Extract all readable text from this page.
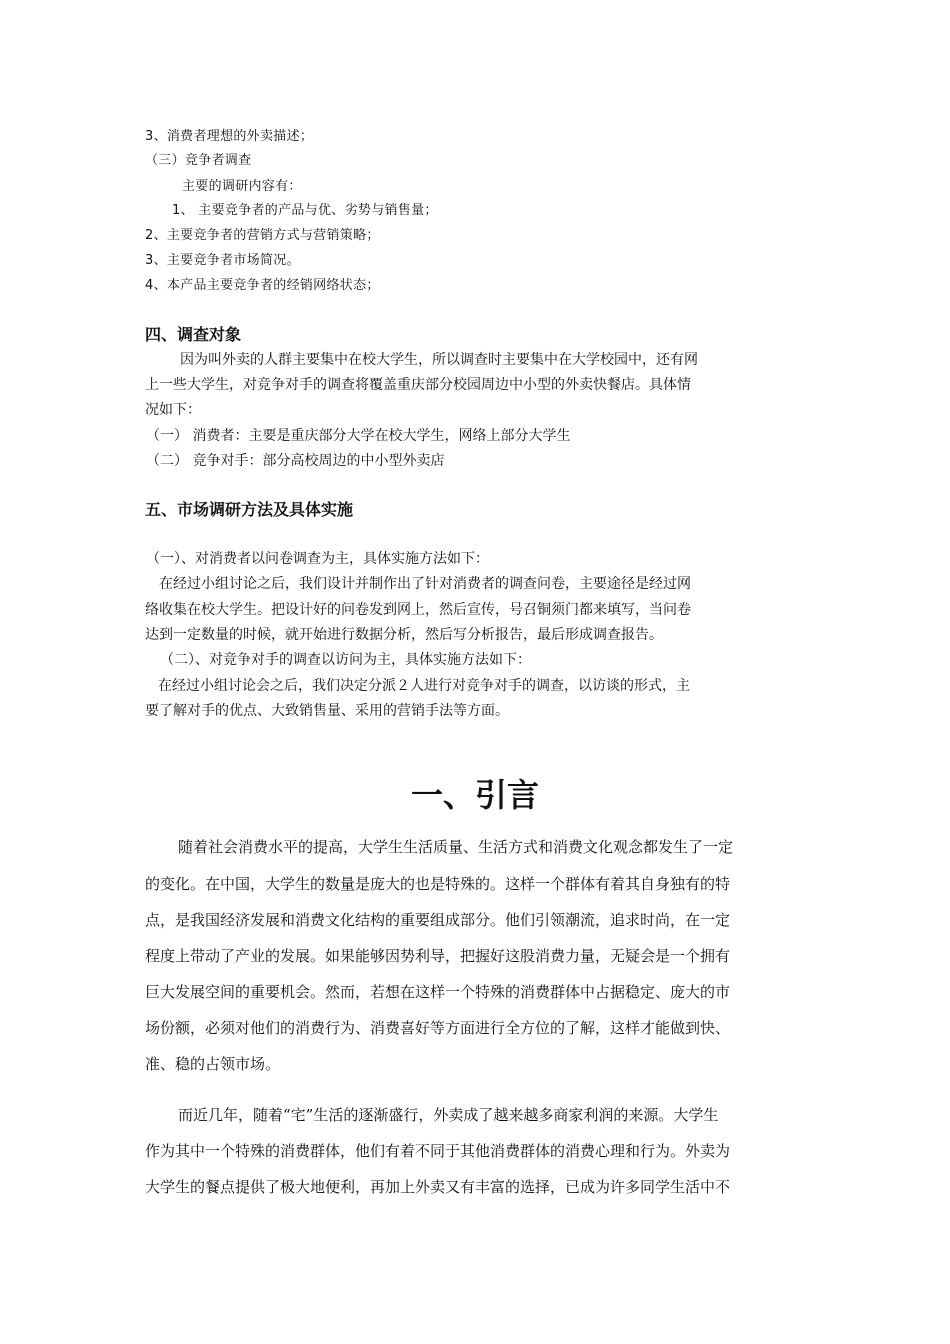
3、消费者理想的外卖描述；
（三）竞争者调查
主要的调研内容有：
1、 主要竞争者的产品与优、劣势与销售量；
2、主要竞争者的营销方式与营销策略；
3、主要竞争者市场简况。
4、本产品主要竞争者的经销网络状态；
四、调查对象
因为叫外卖的人群主要集中在校大学生，所以调查时主要集中在大学校园中，还有网
上一些大学生，对竞争对手的调查将覆盖重庆部分校园周边中小型的外卖快餐店。具体情
况如下：
（一） 消费者：主要是重庆部分大学在校大学生，网络上部分大学生
（二） 竞争对手：部分高校周边的中小型外卖店
五、市场调研方法及具体实施
（一）、对消费者以问卷调查为主，具体实施方法如下：
在经过小组讨论之后，我们设计并制作出了针对消费者的调查问卷，主要途径是经过网
络收集在校大学生。把设计好的问卷发到网上，然后宣传，号召铜须门都来填写，当问卷
达到一定数量的时候，就开始进行数据分析，然后写分析报告，最后形成调查报告。
（二）、对竞争对手的调查以访问为主，具体实施方法如下：
在经过小组讨论会之后，我们决定分派２人进行对竞争对手的调查，以访谈的形式，主
要了解对手的优点、大致销售量、采用的营销手法等方面。
一、引言
随着社会消费水平的提高，大学生生活质量、生活方式和消费文化观念都发生了一定
的变化。在中国，大学生的数量是庞大的也是特殊的。这样一个群体有着其自身独有的特
点，是我国经济发展和消费文化结构的重要组成部分。他们引领潮流，追求时尚，在一定
程度上带动了产业的发展。如果能够因势利导，把握好这股消费力量，无疑会是一个拥有
巨大发展空间的重要机会。然而，若想在这样一个特殊的消费群体中占据稳定、庞大的市
场份额，必须对他们的消费行为、消费喜好等方面进行全方位的了解，这样才能做到快、
准、稳的占领市场。
而近几年，随着“宅”生活的逐渐盛行，外卖成了越来越多商家利润的来源。大学生
作为其中一个特殊的消费群体，他们有着不同于其他消费群体的消费心理和行为。外卖为
大学生的餐点提供了极大地便利，再加上外卖又有丰富的选择，已成为许多同学生活中不
